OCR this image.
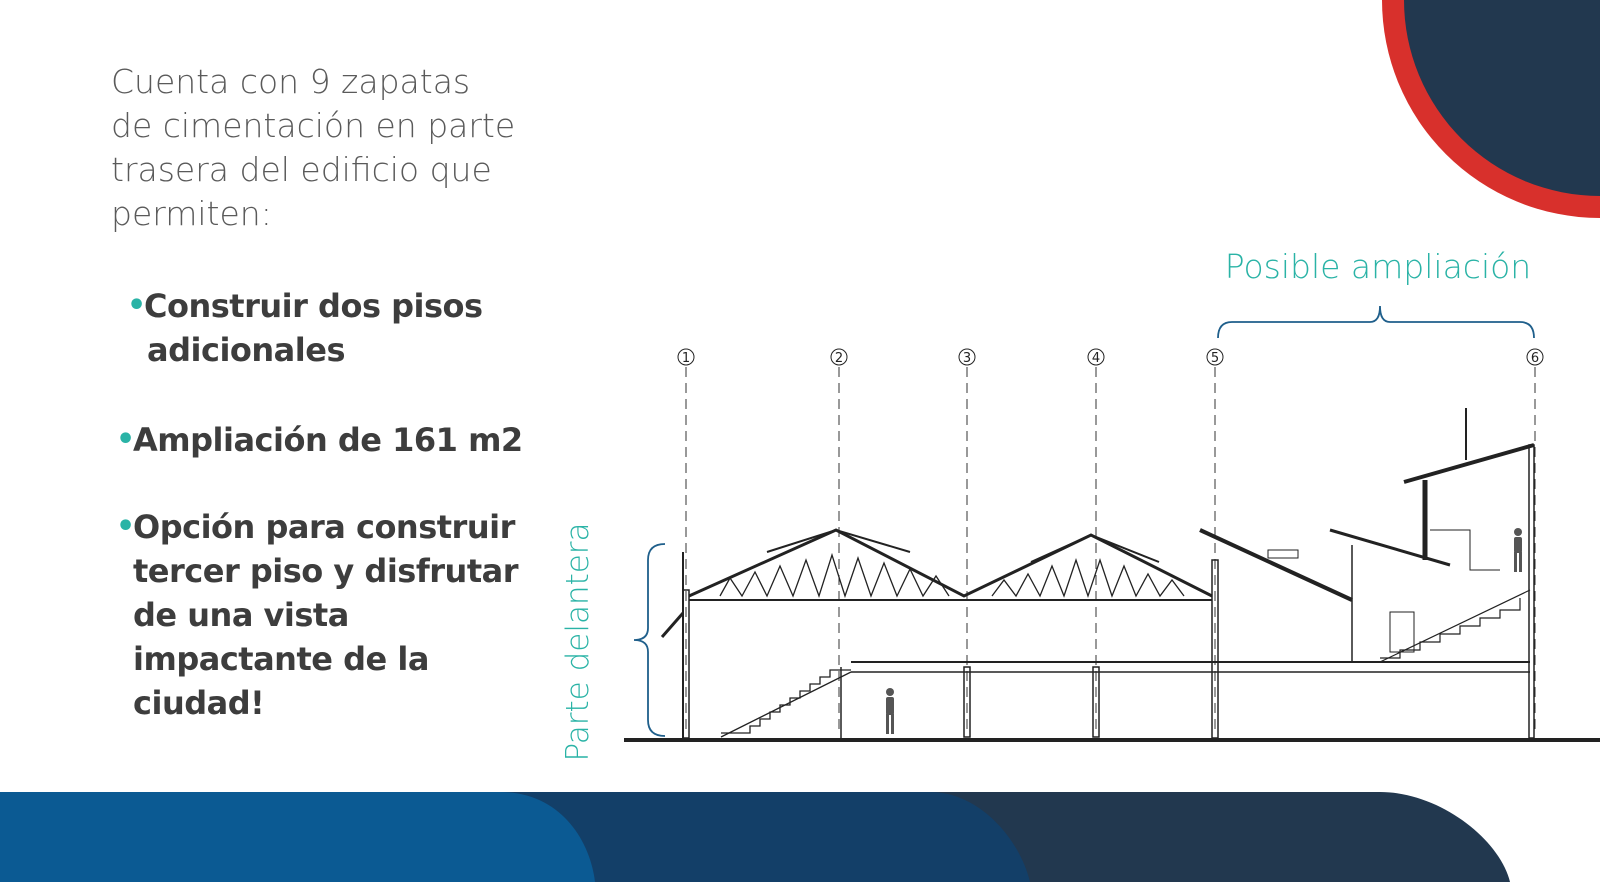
Cuenta con 9 zapatas
de cimentación en parte
trasera del edificio que
permiten:

•
Construir dos pisos
adicionales
•
Ampliación de 161 m2
•
Opción para construir
tercer piso y disfrutar
de una vista
impactante de la
ciudad!
1	2	3	4	5	6
Posible ampliación
Parte delantera
